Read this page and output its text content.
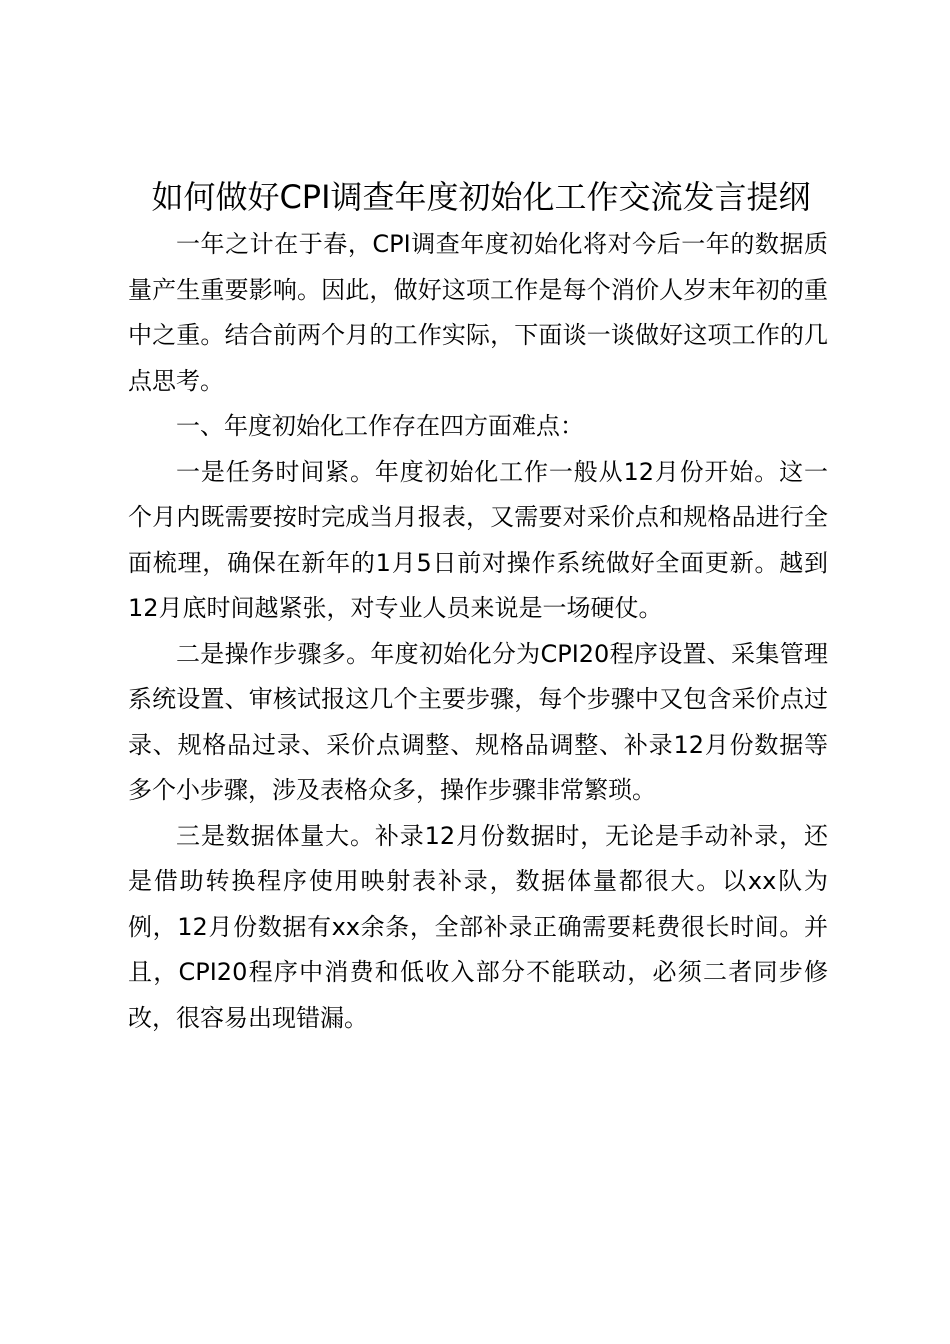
如何做好CPI调查年度初始化工作交流发言提纲

一年之计在于春，CPI调查年度初始化将对今后一年的数据质量产生重要影响。因此，做好这项工作是每个消价人岁末年初的重中之重。结合前两个月的工作实际，下面谈一谈做好这项工作的几点思考。

一、年度初始化工作存在四方面难点：

一是任务时间紧。年度初始化工作一般从12月份开始。这一个月内既需要按时完成当月报表，又需要对采价点和规格品进行全面梳理，确保在新年的1月5日前对操作系统做好全面更新。越到12月底时间越紧张，对专业人员来说是一场硬仗。

二是操作步骤多。年度初始化分为CPI20程序设置、采集管理系统设置、审核试报这几个主要步骤，每个步骤中又包含采价点过录、规格品过录、采价点调整、规格品调整、补录12月份数据等多个小步骤，涉及表格众多，操作步骤非常繁琐。

三是数据体量大。补录12月份数据时，无论是手动补录，还是借助转换程序使用映射表补录，数据体量都很大。以xx队为例，12月份数据有xx余条，全部补录正确需要耗费很长时间。并且，CPI20程序中消费和低收入部分不能联动，必须二者同步修改，很容易出现错漏。
